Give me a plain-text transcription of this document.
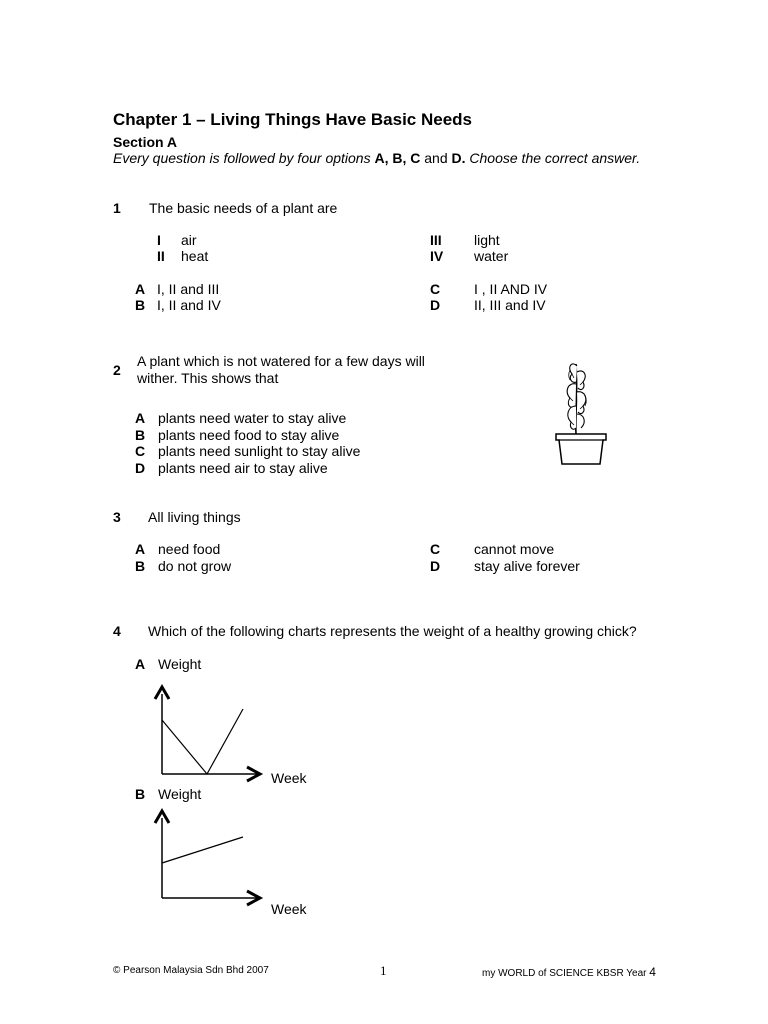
Chapter 1 – Living Things Have Basic Needs
Section A
Every question is followed by four options A, B, C and D. Choose the correct answer.
1 The basic needs of a plant are
I air
II heat
III light
IV water
A I, II and III
B I, II and IV
C I , II AND IV
D II, III and IV
2
A plant which is not watered for a few days will
wither. This shows that
A plants need water to stay alive
B plants need food to stay alive
C plants need sunlight to stay alive
D plants need air to stay alive
3 All living things
A need food
B do not grow
C cannot move
D stay alive forever
4 Which of the following charts represents the weight of a healthy growing chick?
A Weight
Week
B Weight
Week
© Pearson Malaysia Sdn Bhd 2007	1	my WORLD of SCIENCE KBSR Year 4
